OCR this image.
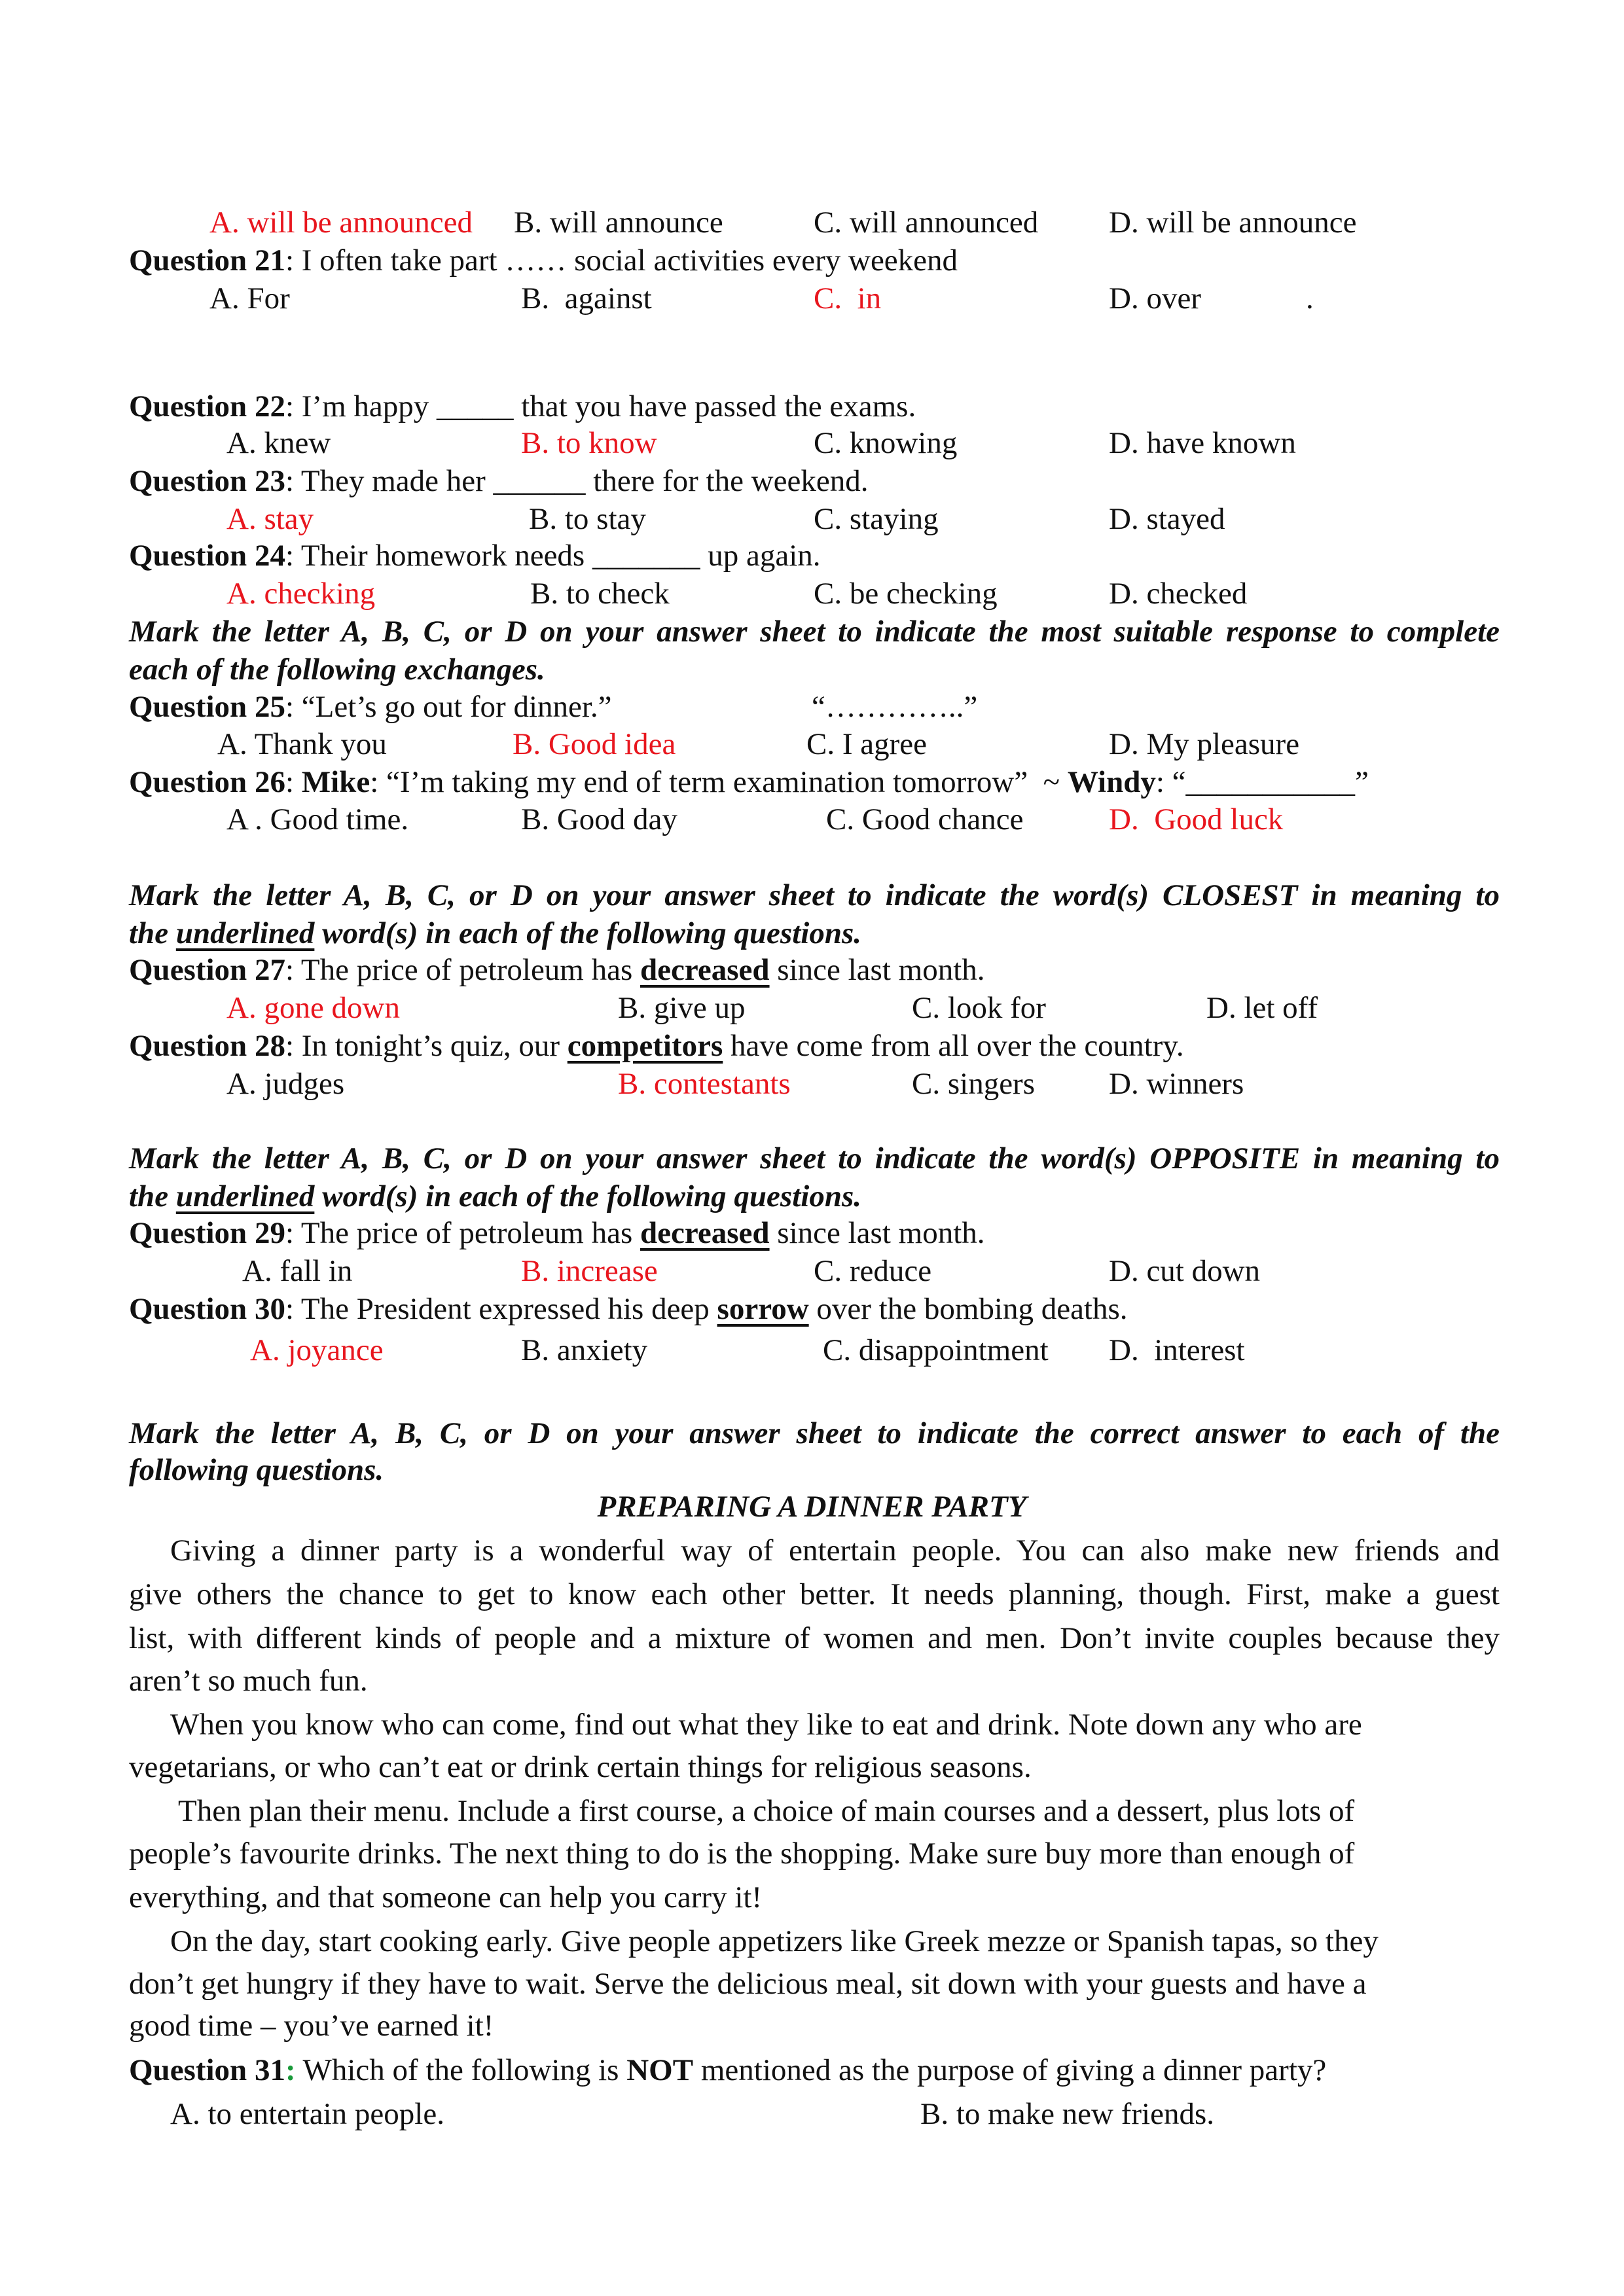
A. will be announced B. will announce	C. will announced D. will be announce
Question 21: I often take part …… social activities every weekend
A. For	B.  against	C.  in	D. over	.
Question 22: I’m happy _____ that you have passed the exams.
A. knew	B. to know	C. knowing	D. have known
Question 23: They made her ______ there for the weekend.
A. stay	B. to stay	C. staying	D. stayed
Question 24: Their homework needs _______ up again.
A. checking	B. to check	C. be checking	D. checked
Mark the letter A, B, C, or D on your answer sheet to indicate the most suitable response to complete
each of the following exchanges.
Question 25: “Let’s go out for dinner.”	“…………..”
A. Thank you	B. Good idea	C. I agree	D. My pleasure
Question 26: Mike: “I’m taking my end of term examination tomorrow”  ~ Windy: “___________”
A . Good time.	B. Good day	C. Good chance	D.  Good luck
Mark the letter A, B, C, or D on your answer sheet to indicate the word(s) CLOSEST in meaning to
the underlined word(s) in each of the following questions.
Question 27: The price of petroleum has decreased since last month.
A. gone down	B. give up	C. look for	D. let off
Question 28: In tonight’s quiz, our competitors have come from all over the country.
A. judges	B. contestants	C. singers D. winners
Mark the letter A, B, C, or D on your answer sheet to indicate the word(s) OPPOSITE in meaning to
the underlined word(s) in each of the following questions.
Question 29: The price of petroleum has decreased since last month.
A. fall in	B. increase	C. reduce	D. cut down
Question 30: The President expressed his deep sorrow over the bombing deaths.
A. joyance	B. anxiety	C. disappointment D.  interest
Mark the letter A, B, C, or D on your answer sheet to indicate the correct answer to each of the
following questions.
PREPARING A DINNER PARTY
Giving a dinner party is a wonderful way of entertain people. You can also make new friends and
give others the chance to get to know each other better. It needs planning, though. First, make a guest
list, with different kinds of people and a mixture of women and men. Don’t invite couples because they
aren’t so much fun.
When you know who can come, find out what they like to eat and drink. Note down any who are
vegetarians, or who can’t eat or drink certain things for religious seasons.
Then plan their menu. Include a first course, a choice of main courses and a dessert, plus lots of
people’s favourite drinks. The next thing to do is the shopping. Make sure buy more than enough of
everything, and that someone can help you carry it!
On the day, start cooking early. Give people appetizers like Greek mezze or Spanish tapas, so they
don’t get hungry if they have to wait. Serve the delicious meal, sit down with your guests and have a
good time – you’ve earned it!
Question 31: Which of the following is NOT mentioned as the purpose of giving a dinner party?
A. to entertain people.	B. to make new friends.
